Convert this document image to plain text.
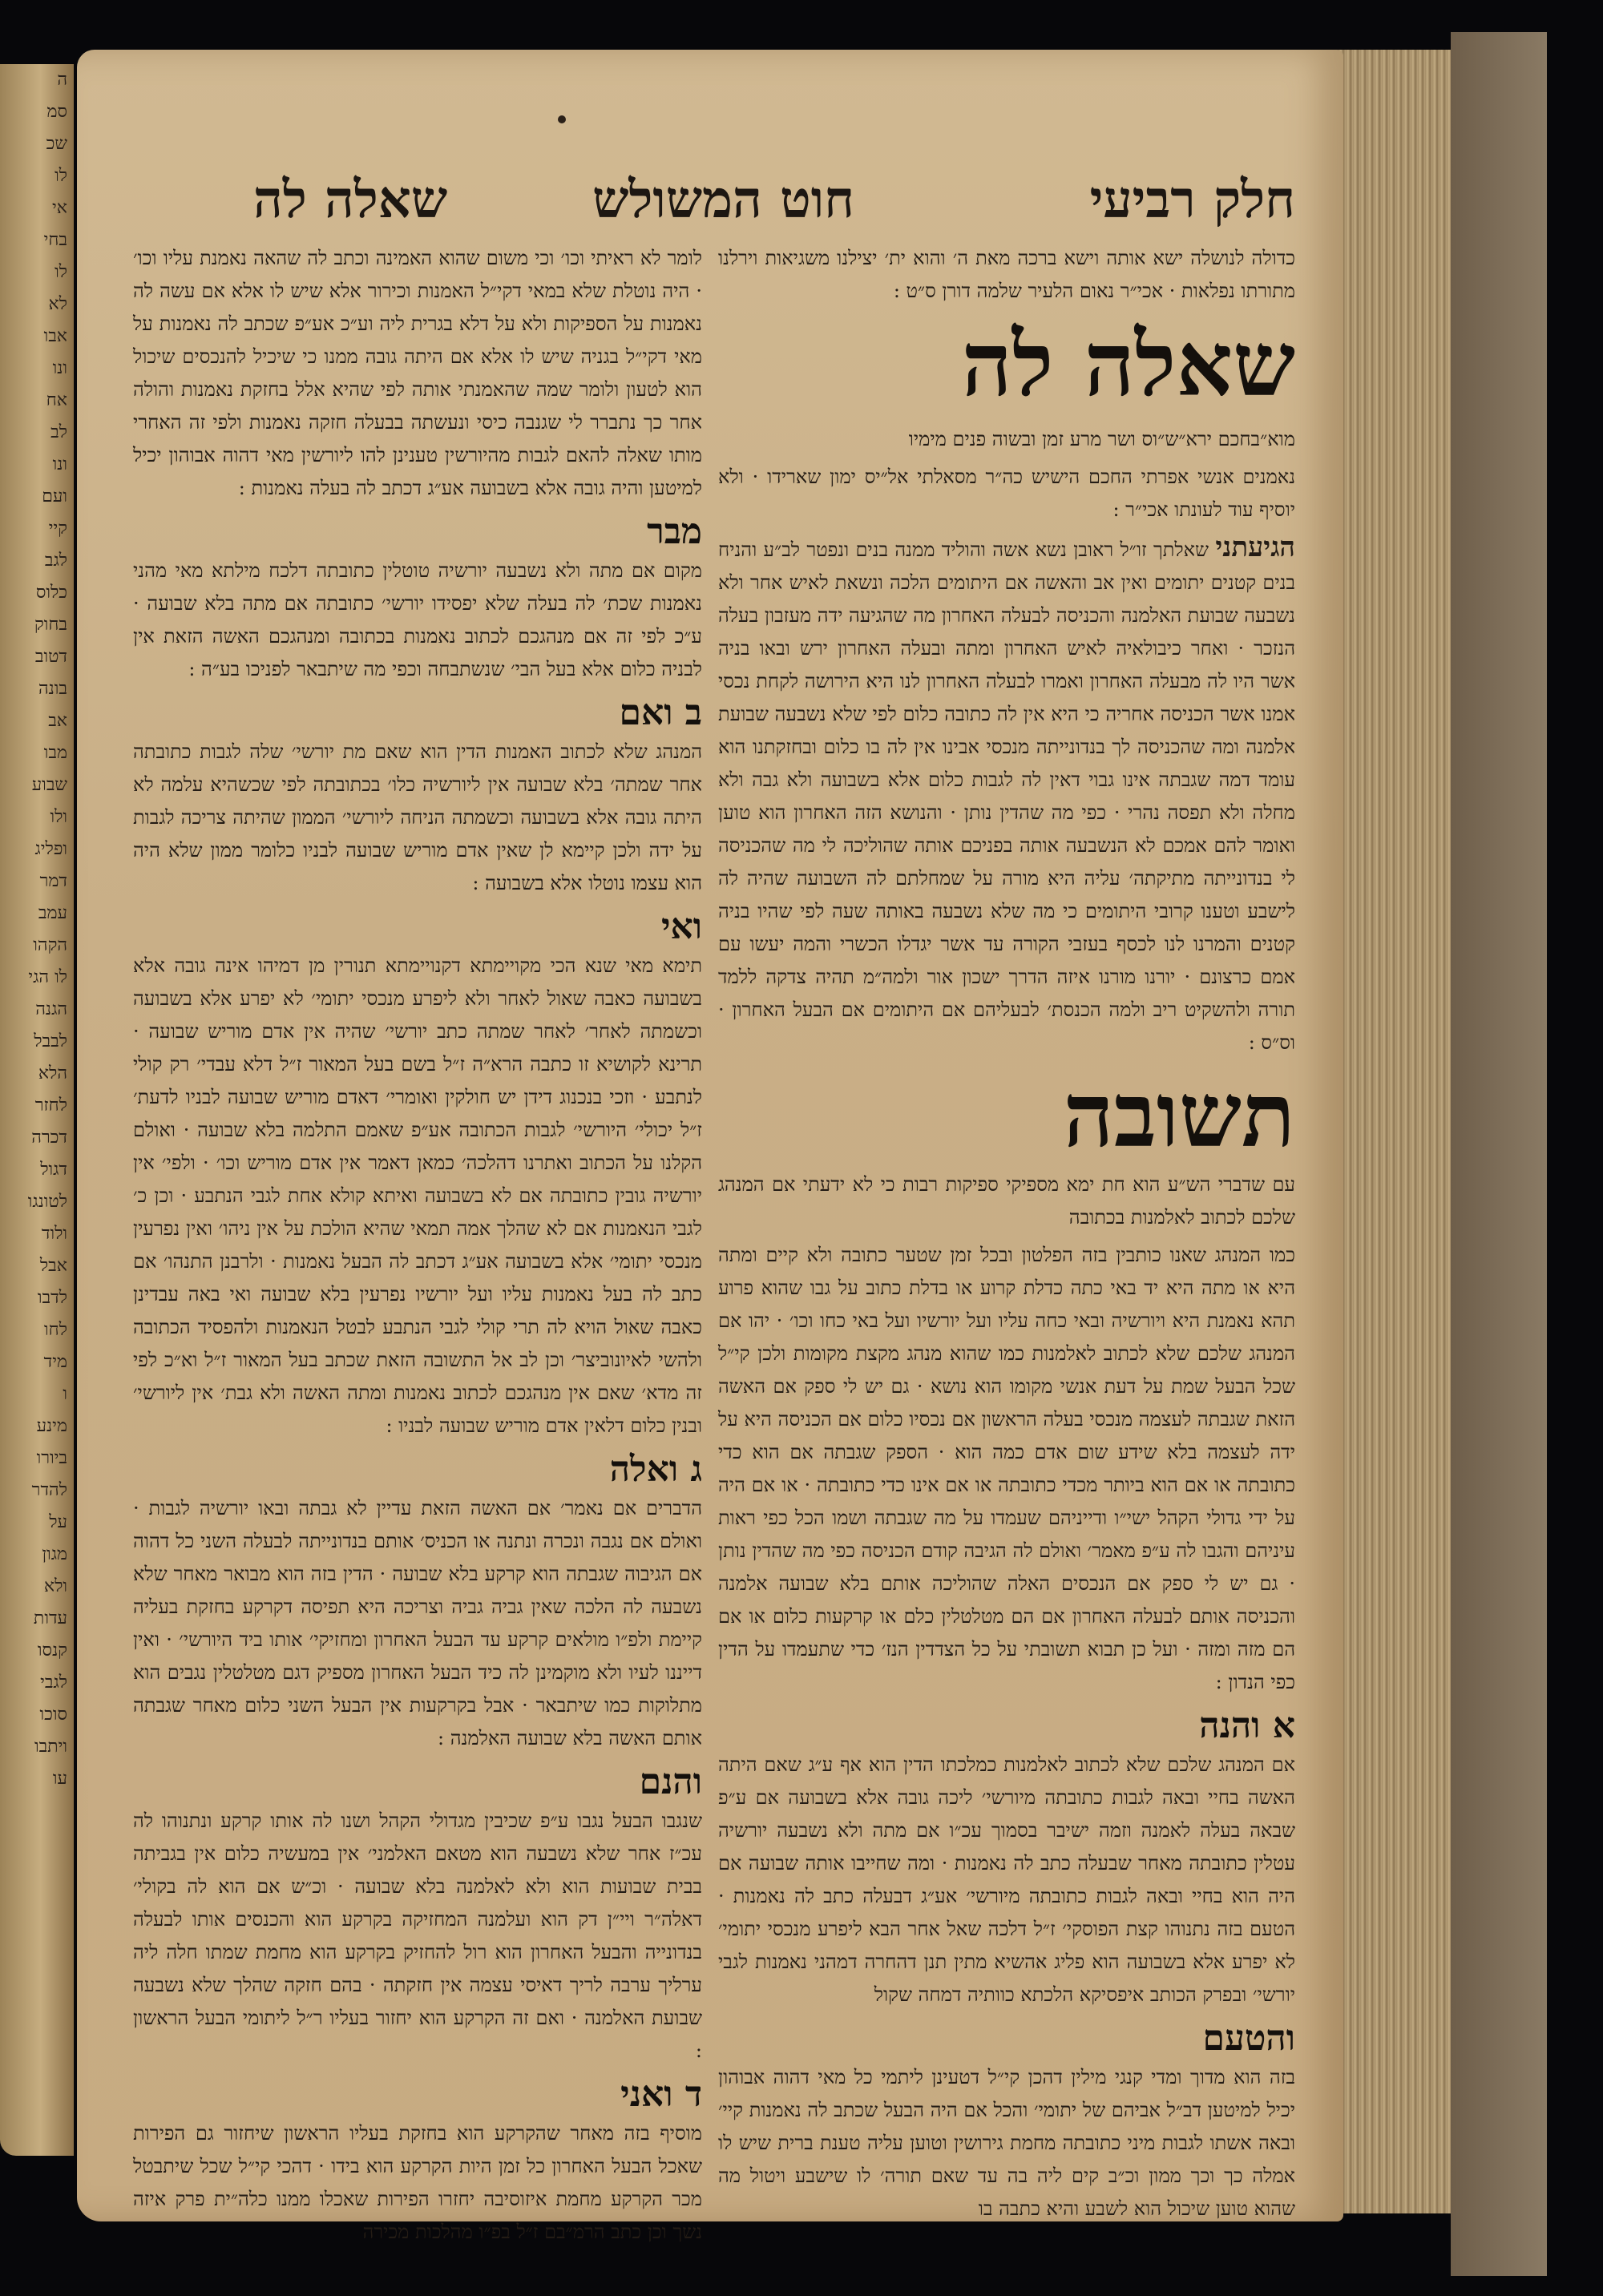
ה
סמ
שכ
לו
אי
בחי
לו
לא
אבו
ונו
אח
לב
ונו
ועם
קיי
לגב
כלוס
בחוק
דטוב
בונה
אב
מבו
שבוע
ולו
ופליג
דמר
עמב
הקהו
לו הגי
הגנה
לבבל
הלא
לחזר
דכרה
דגול
לטונגו
ולוד
אבל
לדבו
לחו
מיד
ו
מינע
ביורו
להדר
על
מגון
ולא
עדות
קנסו
לגבי
סוכו
ויתבו
עו
חלק רביעי
חוט המשולש
שאלה לה

כדולה לנושלה ישא אותה וישא ברכה מאת ה׳ והוא ית׳ יצילנו משגיאות וירלנו מתורתו נפלאות · אכי״ר נאום הלעיר שלמה דורן ס״ט :

שאלה לה

מוא״בחכם ירא״ש״וס ושר מרע זמן ובשוה פנים מימיו

נאמנים אנשי אפרתי החכם הישיש כה״ר מסאלתי אל״יס ימון שארידו · ולא יוסיף עוד לעונתו אכי״ר :

הגיעתני שאלתך זו״ל ראובן נשא אשה והוליד ממנה בנים ונפטר לב״ע והניח בנים קטנים יתומים ואין אב והאשה אם היתומים הלכה ונשאת לאיש אחר ולא נשבעה שבועת האלמנה והכניסה לבעלה האחרון מה שהגיעה ידה מעזבון בעלה הנזכר · ואחר כיבולאיה לאיש האחרון ומתה ובעלה האחרון ירש ובאו בניה אשר היו לה מבעלה האחרון ואמרו לבעלה האחרון לנו היא הירושה לקחת נכסי אמנו אשר הכניסה אחריה כי היא אין לה כתובה כלום לפי שלא נשבעה שבועת אלמנה ומה שהכניסה לך בנדונייתה מנכסי אבינו אין לה בו כלום ובחזקתנו הוא עומד דמה שגבתה אינו גבוי דאין לה לגבות כלום אלא בשבועה ולא גבה ולא מחלה ולא תפסה נהרי · כפי מה שהדין נותן · והנושא הזה האחרון הוא טוען ואומר להם אמכם לא הנשבעה אותה בפניכם אותה שהוליכה לי מה שהכניסה לי בנדונייתה מתיקתה׳ עליה היא מורה על שמחלתם לה השבועה שהיה לה לישבע וטענו קרובי היתומים כי מה שלא נשבעה באותה שעה לפי שהיו בניה קטנים והמרנו לנו לכסף בעזבי הקורה עד אשר יגדלו הכשרי והמה יעשו עם אמם כרצונם · יורנו מורנו איזה הדרך ישכון אור ולמה״מ תהיה צדקה ללמד תורה ולהשקיט ריב ולמה הכנסת׳ לבעליהם אם היתומים אם הבעל האחרון · וס״ס :

תשובה

עם שדברי הש״ע הוא חת ימא מספיקי ספיקות רבות כי לא ידעתי אם המנהג שלכם לכתוב לאלמנות בכתובה

כמו המנהג שאנו כותבין בזה הפלטון ובכל זמן שטער כתובה ולא קיים ומתה היא או מתה היא יד באי כתה כדלת קרוע או בדלת כתוב על גבו שהוא פרוע תהא נאמנת היא ויורשיה ובאי כחה עליו ועל יורשיו ועל באי כחו וכו׳ · יהו אם המנהג שלכם שלא לכתוב לאלמנות כמו שהוא מנהג מקצת מקומות ולכן קי״ל שכל הבעל שמת על דעת אנשי מקומו הוא נושא · גם יש לי ספק אם האשה הזאת שגבתה לעצמה מנכסי בעלה הראשון אם נכסיו כלום אם הכניסה היא על ידה לעצמה בלא שידע שום אדם כמה הוא · הספק שגבתה אם הוא כדי כתובתה או אם הוא ביותר מכדי כתובתה או אם אינו כדי כתובתה · או אם היה על ידי גדולי הקהל ישי״ו ודייניהם שעמדו על מה שגבתה ושמו הכל כפי ראות עיניהם והגבו לה ע״פ מאמר׳ ואולם לה הגיבה קודם הכניסה כפי מה שהדין נותן · גם יש לי ספק אם הנכסים האלה שהוליכה אותם בלא שבועה אלמנה והכניסה אותם לבעלה האחרון אם הם מטלטלין כלם או קרקעות כלום או אם הם מזה ומזה · ועל כן תבוא תשובתי על כל הצדדין הנז׳ כדי שתעמדו על הדין כפי הנדון :

א והנה

אם המנהג שלכם שלא לכתוב לאלמנות כמלכתו הדין הוא אף ע״ג שאם היתה האשה בחיי ובאה לגבות כתובתה מיורשי׳ ליכה גובה אלא בשבועה אם ע״פ שבאה בעלה לאמנה וזמה ישיבר בסמוך עכ״ו אם מתה ולא נשבעה יורשיה עטלין כתובתה מאחר שבעלה כתב לה נאמנות · ומה שחייבו אותה שבועה אם היה הוא בחיי ובאה לגבות כתובתה מיורשי׳ אע״ג דבעלה כתב לה נאמנות · הטעם בזה נתנוהו קצת הפוסקי׳ ז״ל דלכה שאל אחר הבא ליפרע מנכסי יתומי׳ לא יפרע אלא בשבועה הוא פליג אהשיא מתין תנן דהחרה דמהני נאמנות לגבי יורשי׳ ובפרק הכותב איפסיקא הלכתא כוותיה דמחה שקול

והטעם

בזה הוא מדוך ומדי קנגי מילין דהכן קי״ל דטעינן ליתמי כל מאי דהוה אבוהון יכיל למיטען דב״ל אביהם של יתומי׳ והכל אם היה הבעל שכתב לה נאמנות קיי׳ ובאה אשתו לגבות מיני כתובתה מחמת גירושין וטוען עליה טענת ברית שיש לו אמלה כך וכך ממון וכ״ב קים ליה בה עד שאם תורה׳ לו שישבע ויטול מה שהוא טוען שיכול הוא לשבע והיא כתבה בו

לומר לא ראיתי וכו׳ וכי משום שהוא האמינה וכתב לה שהאה נאמנת עליו וכו׳ · היה נוטלת שלא במאי דקי״ל האמנות וכירור אלא שיש לו אלא אם עשה לה נאמנות על הספיקות ולא על דלא בגרית ליה וע״כ אע״פ שכתב לה נאמנות על מאי דקי״ל בגניה שיש לו אלא אם היתה גובה ממנו כי שיכיל להנכסים שיכול הוא לטעון ולומר שמה שהאמנתי אותה לפי שהיא אלל בחזקת נאמנות והולה אחר כך נתברר לי שגנבה כיסי ונעשתה בבעלה חזקה נאמנות ולפי זה האחרי מותו שאלה להאם לגבות מהיורשין טענינן להו ליורשין מאי דהוה אבוהון יכיל למיטען והיה גובה אלא בשבועה אע״ג דכתב לה בעלה נאמנות :

מבר

מקום אם מתה ולא נשבעה יורשיה טוטלין כתובתה דלכח מילתא מאי מהני נאמנות שכת׳ לה בעלה שלא יפסידו יורשי׳ כתובתה אם מתה בלא שבועה · ע״כ לפי זה אם מנהגכם לכתוב נאמנות בכתובה ומנהגכם האשה הזאת אין לבניה כלום אלא בעל הבי׳ שנשתבחה וכפי מה שיתבאר לפניכו בע״ה :

ב ואם

המנהג שלא לכתוב האמנות הדין הוא שאם מת יורשי׳ שלה לגבות כתובתה אחר שמתה׳ בלא שבועה אין ליורשיה כלו׳ בכתובתה לפי שכשהיא עלמה לא היתה גובה אלא בשבועה וכשמתה הניחה ליורשי׳ הממון שהיתה צריכה לגבות על ידה ולכן קיימא לן שאין אדם מוריש שבועה לבניו כלומר ממון שלא היה הוא עצמו נוטלו אלא בשבועה :

ואי

תימא מאי שנא הכי מקויימתא דקנויימתא תנורין מן דמיהו אינה גובה אלא בשבועה כאבה שאול לאחר ולא ליפרע מנכסי יתומי׳ לא יפרע אלא בשבועה וכשמתה לאחר׳ לאחר שמתה כתב יורשי׳ שהיה אין אדם מוריש שבועה · תרינא לקושיא זו כתבה הרא״ה ז״ל בשם בעל המאור ז״ל דלא עבדי׳ רק קולי לנתבע · וזכי בנכנוג דידן יש חולקין ואומרי׳ דאדם מוריש שבועה לבניו לדעת׳ ז״ל יכולי׳ היורשי׳ לגבות הכתובה אע״פ שאמם התלמה בלא שבועה · ואולם הקלנו על הכתוב ואתרנו דהלכה׳ כמאן דאמר אין אדם מוריש וכו׳ · ולפי׳ אין יורשיה גובין כתובתה אם לא בשבועה ואיתא קולא אחת לגבי הנתבע · וכן כ׳ לגבי הנאמנות אם לא שהלך אמה תמאי שהיא הולכת על אין ניהו׳ ואין נפרעין מנכסי יתומי׳ אלא בשבועה אע״ג דכתב לה הבעל נאמנות · ולרבנן התנהו׳ אם כתב לה בעל נאמנות עליו ועל יורשיו נפרעין בלא שבועה ואי באה עבדינן כאבה שאול הויא לה תרי קולי לגבי הנתבע לבטל הנאמנות ולהפסיד הכתובה ולהשי לאיונוביצר׳ וכן לב אל התשובה הזאת שכתב בעל המאור ז״ל וא״כ לפי זה מדא׳ שאם אין מנהגכם לכתוב נאמנות ומתה האשה ולא גבת׳ אין ליורשי׳ ובנין כלום דלאין אדם מוריש שבועה לבניו :

ג ואלה

הדברים אם נאמר׳ אם האשה הזאת עדיין לא גבתה ובאו יורשיה לגבות · ואולם אם נגבה ונכרה ונתנה או הכניס׳ אותם בנדונייתה לבעלה השני כל דהוה אם הגיבוה שגבתה הוא קרקע בלא שבועה · הדין בזה הוא מבואר מאחר שלא נשבעה לה הלכה שאין גביה גביה וצריכה היא תפיסה דקרקע בחזקת בעליה קיימת ולפ״ו מולאים קרקע עד הבעל האחרון ומחזיקי׳ אותו ביד היורשי׳ · ואין דייננו לעיו ולא מוקמינן לה כיד הבעל האחרון מספיק דגם מטלטלין נגבים הוא מתלוקות כמו שיתבאר · אבל בקרקעות אין הבעל השני כלום מאחר שגבתה אותם האשה בלא שבועה האלמנה :

והנם

שנגבו הבעל נגבו ע״פ שכיבין מגדולי הקהל ושנו לה אותו קרקע ונתנוהו לה עכ״ז אחר שלא נשבעה הוא מטאם האלמני׳ אין במעשיה כלום אין בגביתה בבית שבועות הוא ולא לאלמנה בלא שבועה · וכ״ש אם הוא לה בקולי׳ דאלה״ר ויי״ן דק הוא ועלמנה המחזיקה בקרקע הוא והכנסים אותו לבעלה בנדונייה והבעל האחרון הוא רול להחזיק בקרקע הוא מחמת שמתו חלה ליה ערליך ערבה לריך דאיסי עצמה אין חזקתה · בהם חזקה שהלך שלא נשבעה שבועת האלמנה · ואם זה הקרקע הוא יחזור בעליו ר״ל ליתומי הבעל הראשון :

ד ואני

מוסיף בזה מאחר שהקרקע הוא בחזקת בעליו הראשון שיחזור גם הפירות שאכל הבעל האחרון כל זמן היות הקרקע הוא בידו · דהכי קי״ל שכל שיתבטל מכר הקרקע מחמת איזוסיבה יחזרו הפירות שאכלו ממנו כלה״ית פרק איזה נשך וכן כתב הרמ״בם ז״ל בפ״ו מהלכות מכירה
